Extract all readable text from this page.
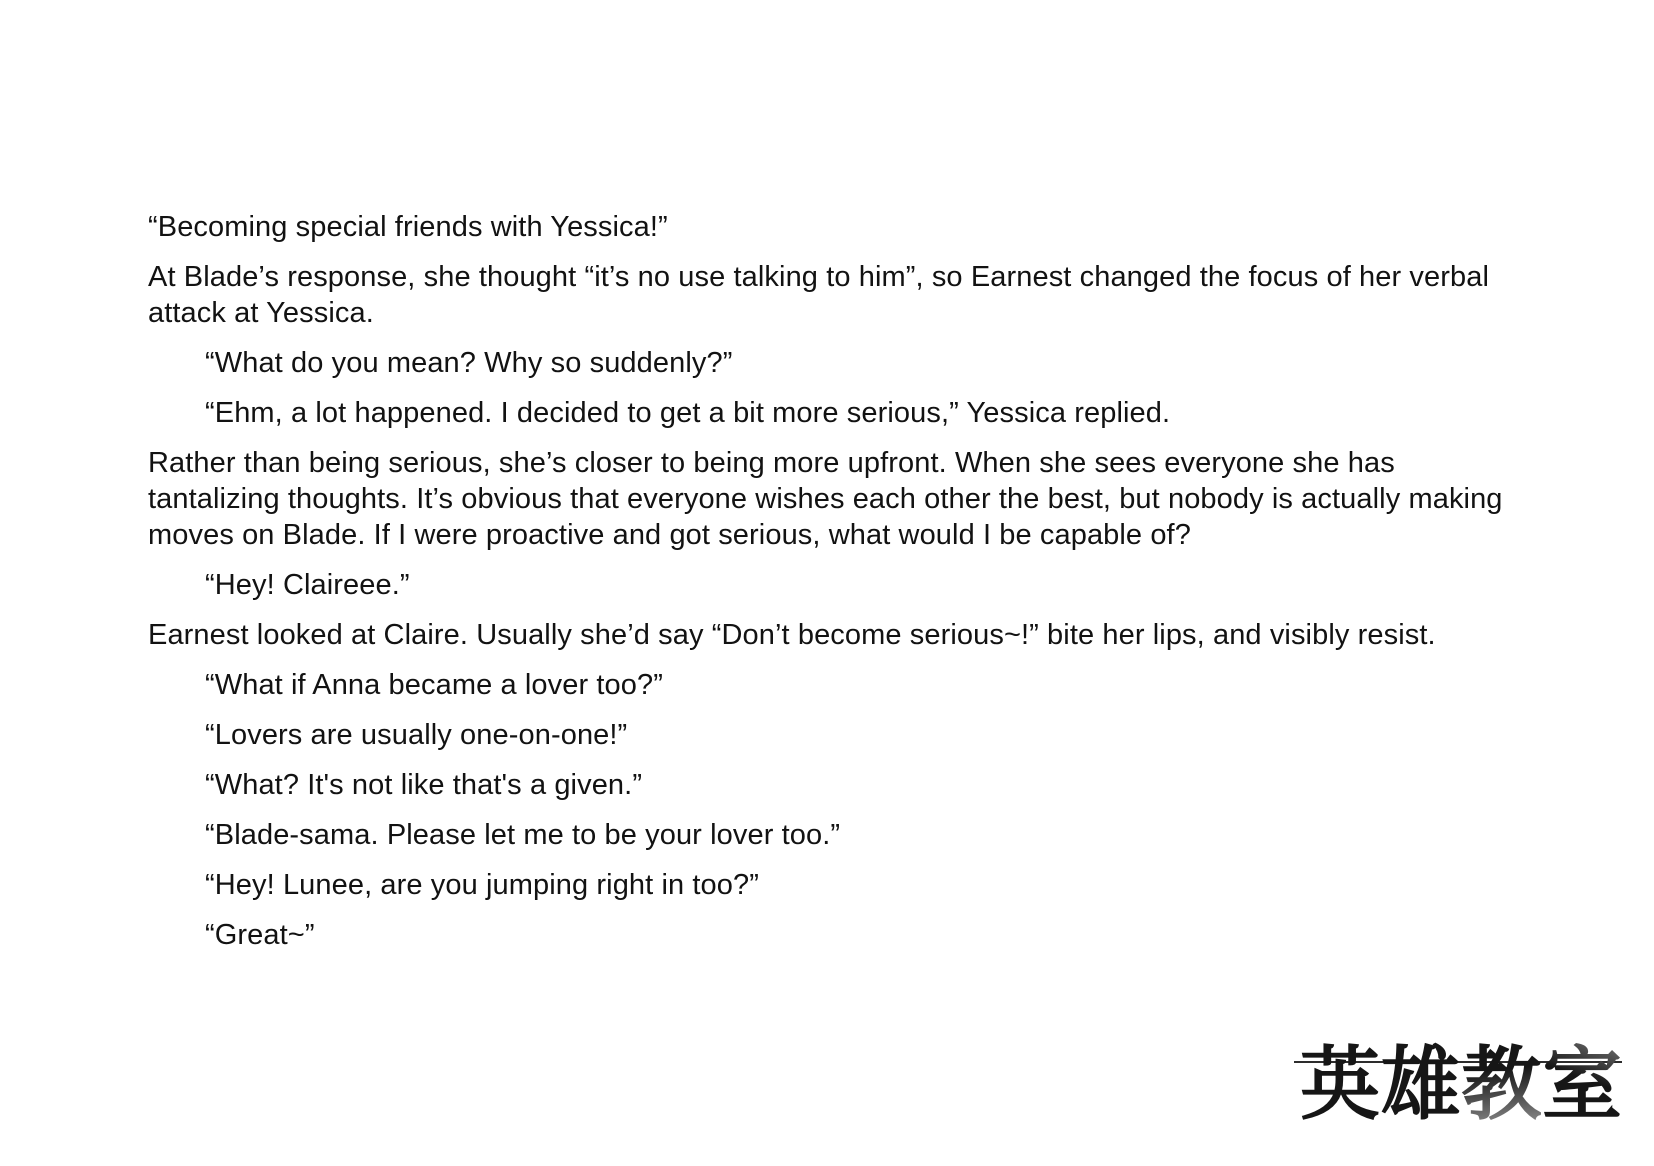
“Becoming special friends with Yessica!”

At Blade’s response, she thought “it’s no use talking to him”, so Earnest changed the focus of her verbal attack at Yessica.

“What do you mean? Why so suddenly?”

“Ehm, a lot happened. I decided to get a bit more serious,” Yessica replied.

Rather than being serious, she’s closer to being more upfront. When she sees everyone she has tantalizing thoughts. It’s obvious that everyone wishes each other the best, but nobody is actually making moves on Blade. If I were proactive and got serious, what would I be capable of?

“Hey! Claireee.”

Earnest looked at Claire. Usually she’d say “Don’t become serious~!” bite her lips, and visibly resist.

“What if Anna became a lover too?”

“Lovers are usually one-on-one!”

“What? It's not like that's a given.”

“Blade-sama. Please let me to be your lover too.”

“Hey! Lunee, are you jumping right in too?”

“Great~”

英 雄 教 室
